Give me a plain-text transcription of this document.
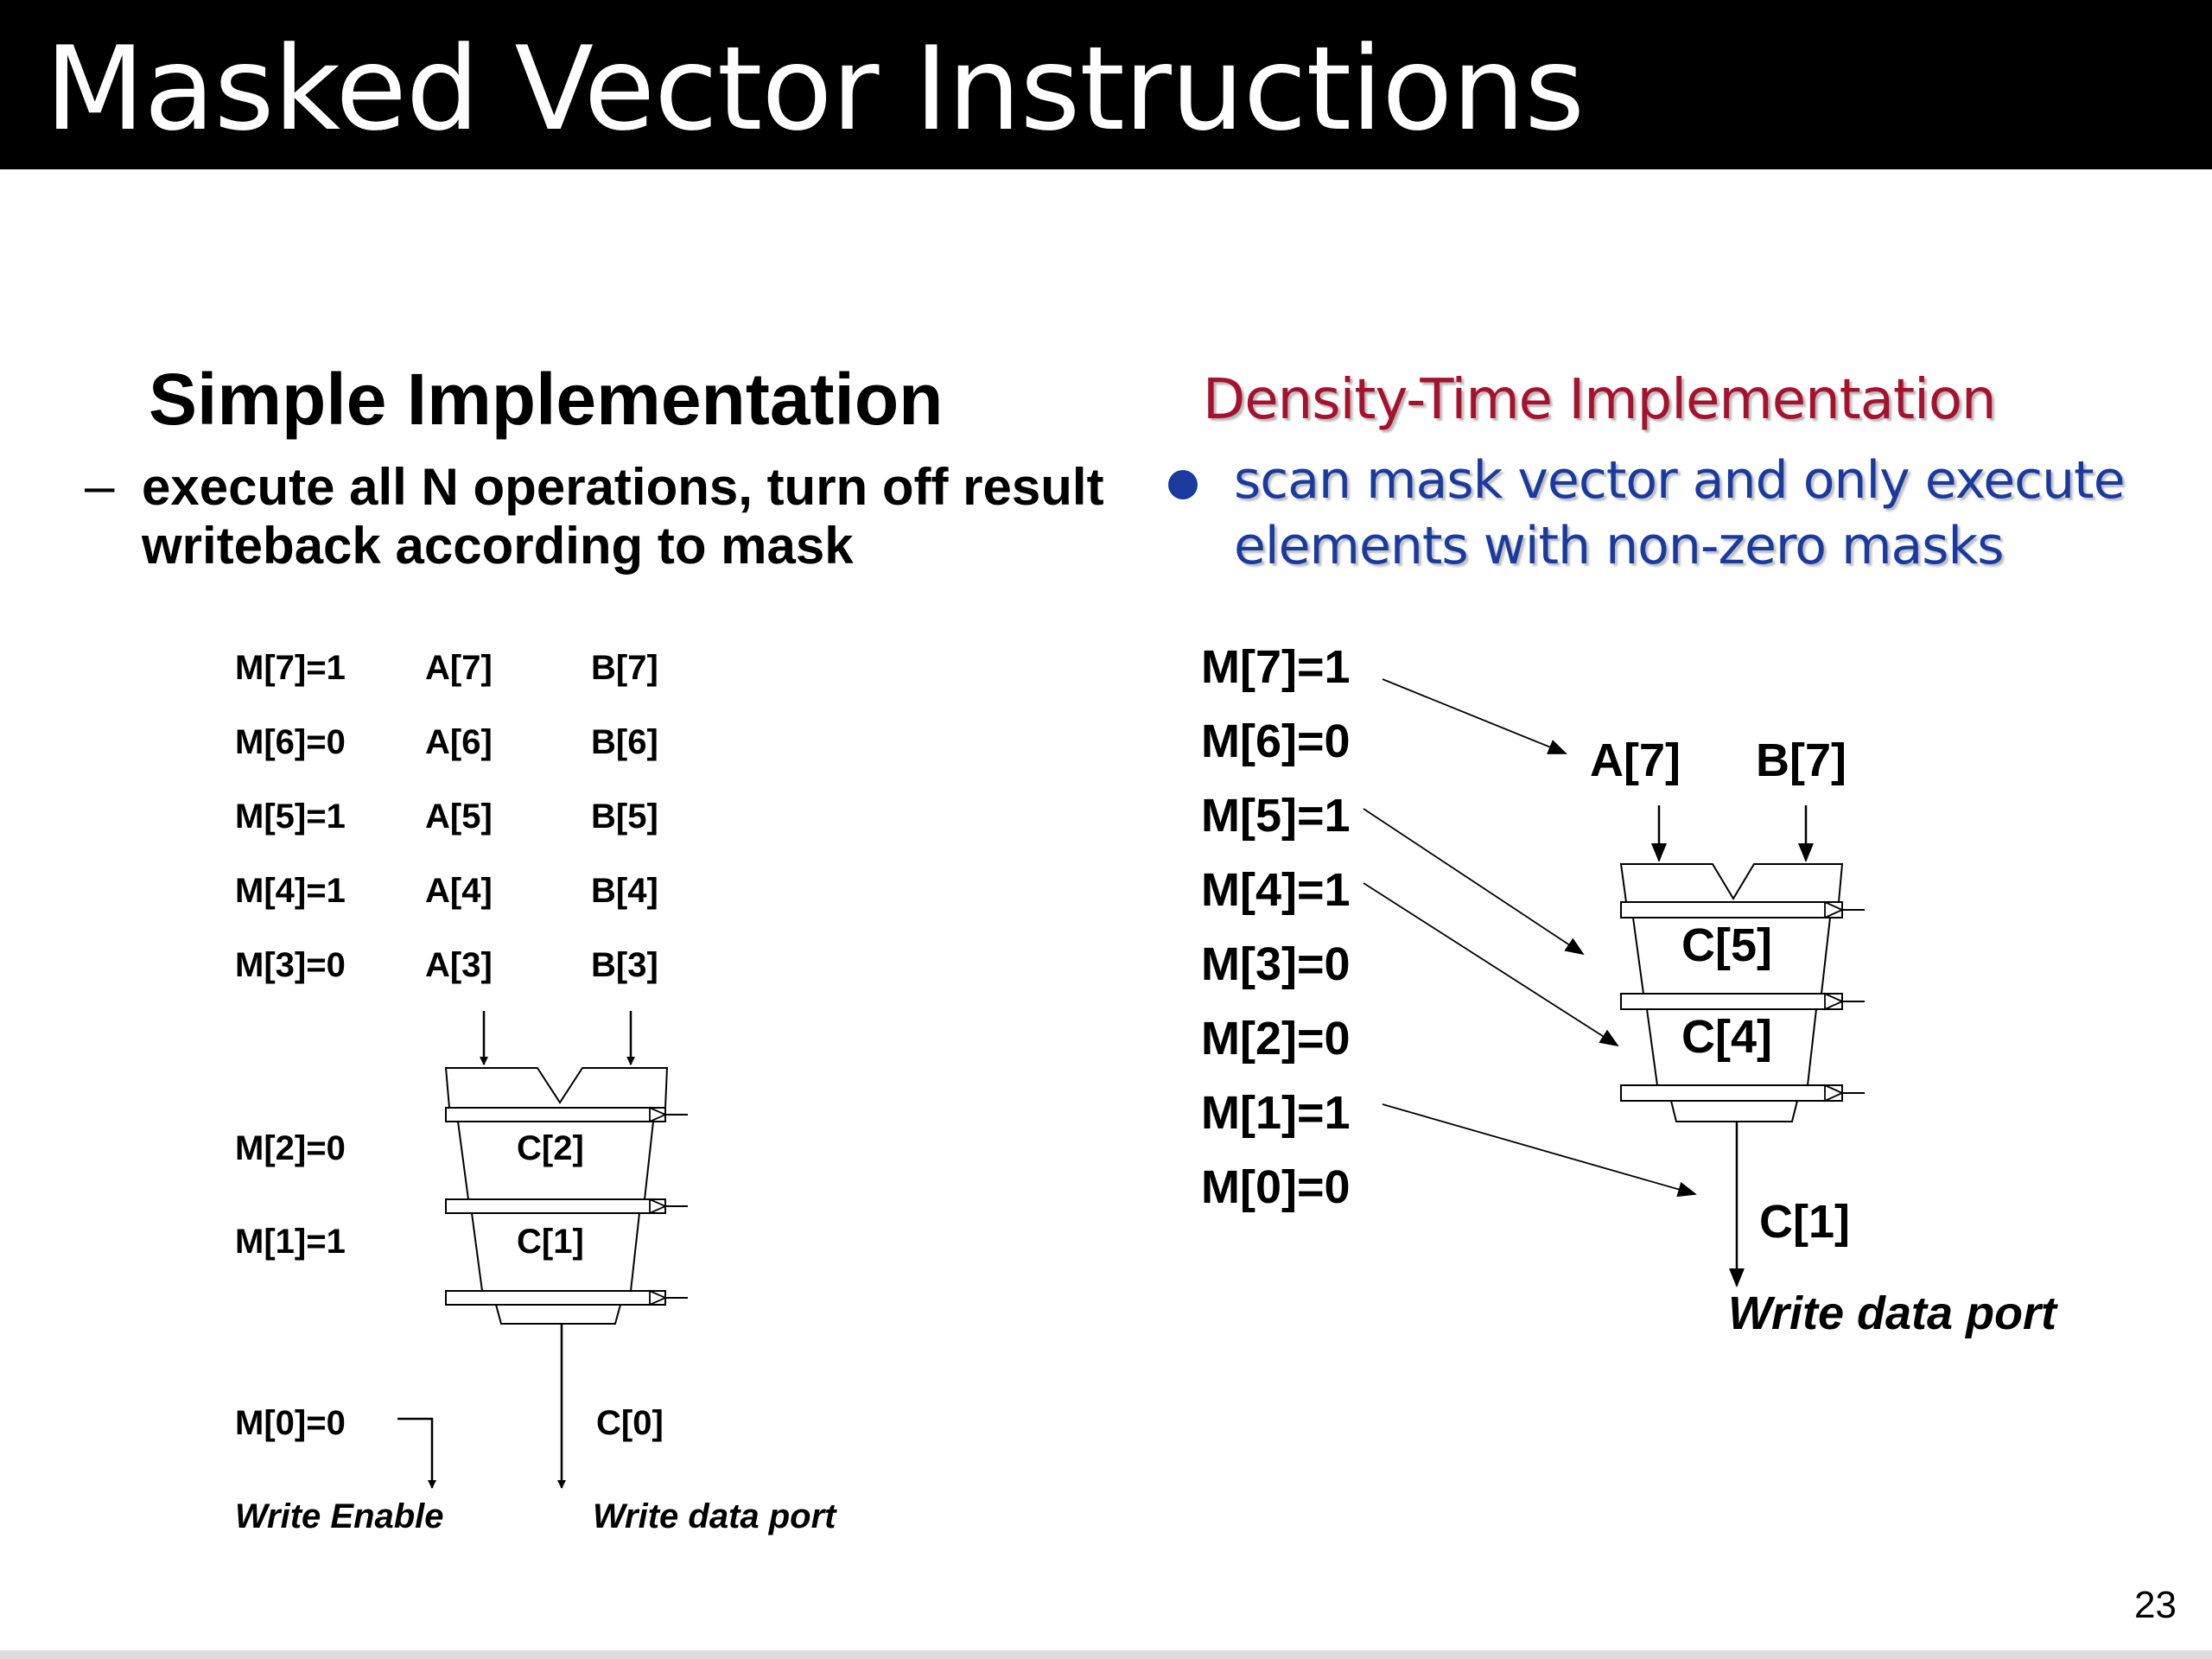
Masked Vector Instructions
Simple Implementation
– execute all N operations, turn off result writeback according to mask
Density-Time Implementation
scan mask vector and only execute elements with non-zero masks
M[7]=1 A[7]	B[7]
M[6]=0 A[6]	B[6]
M[5]=1 A[5]	B[5]
M[4]=1 A[4]	B[4]
M[3]=0 A[3]	B[3]
M[2]=0	C[2]
M[1]=1	C[1]
M[0]=0	C[0]
Write Enable	Write data port
M[7]=1
M[6]=0
M[5]=1
M[4]=1
M[3]=0
M[2]=0
M[1]=1
M[0]=0
A[7] B[7]
C[5]
C[4]
C[1]
Write data port
23
